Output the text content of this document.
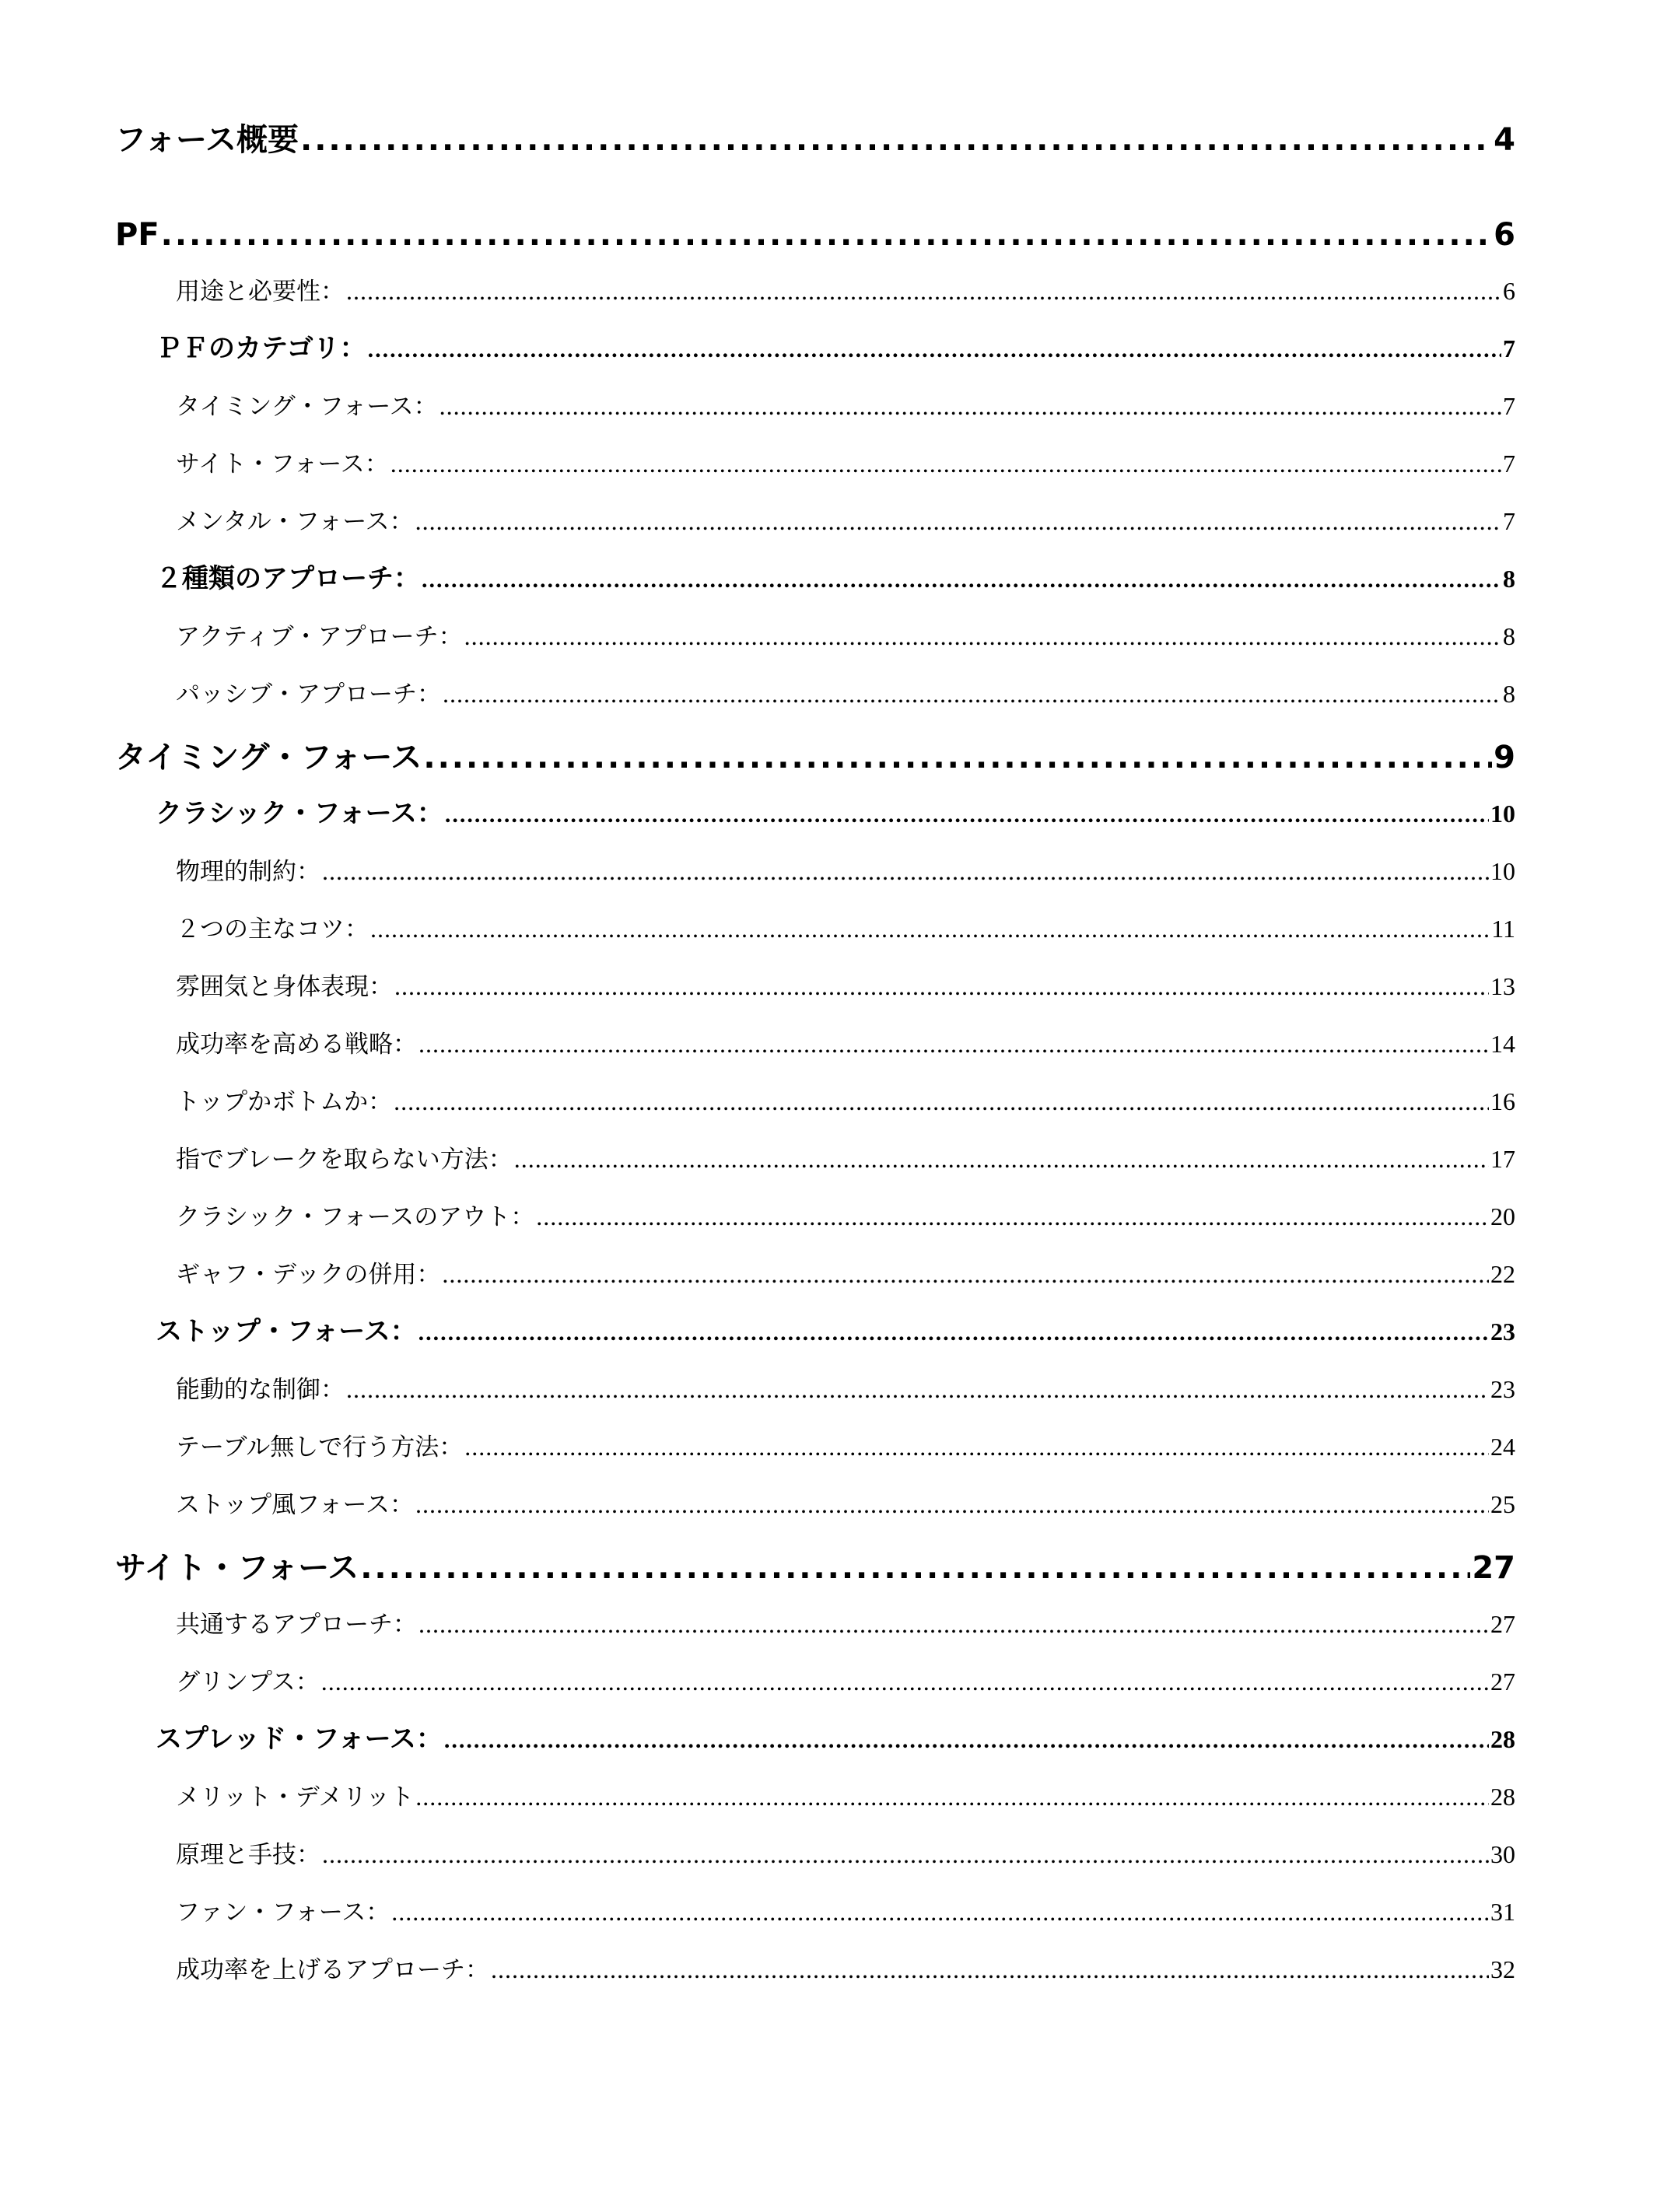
フォース概要 .....	4
PF .....	6
用途と必要性： .....	6
ＰＦのカテゴリ： .....	7
タイミング・フォース： .....	7
サイト・フォース： .....	7
メンタル・フォース： .....	7
２種類のアプローチ： .....	8
アクティブ・アプローチ： .....	8
パッシブ・アプローチ： .....	8
タイミング・フォース .....	9
クラシック・フォース： .....	10
物理的制約： .....	10
２つの主なコツ： .....	11
雰囲気と身体表現： .....	13
成功率を高める戦略： .....	14
トップかボトムか： .....	16
指でブレークを取らない方法： .....	17
クラシック・フォースのアウト： .....	20
ギャフ・デックの併用： .....	22
ストップ・フォース： .....	23
能動的な制御： .....	23
テーブル無しで行う方法： .....	24
ストップ風フォース： .....	25
サイト・フォース .....	27
共通するアプローチ： .....	27
グリンプス： .....	27
スプレッド・フォース： .....	28
メリット・デメリット .....	28
原理と手技： .....	30
ファン・フォース： .....	31
成功率を上げるアプローチ： .....	32
